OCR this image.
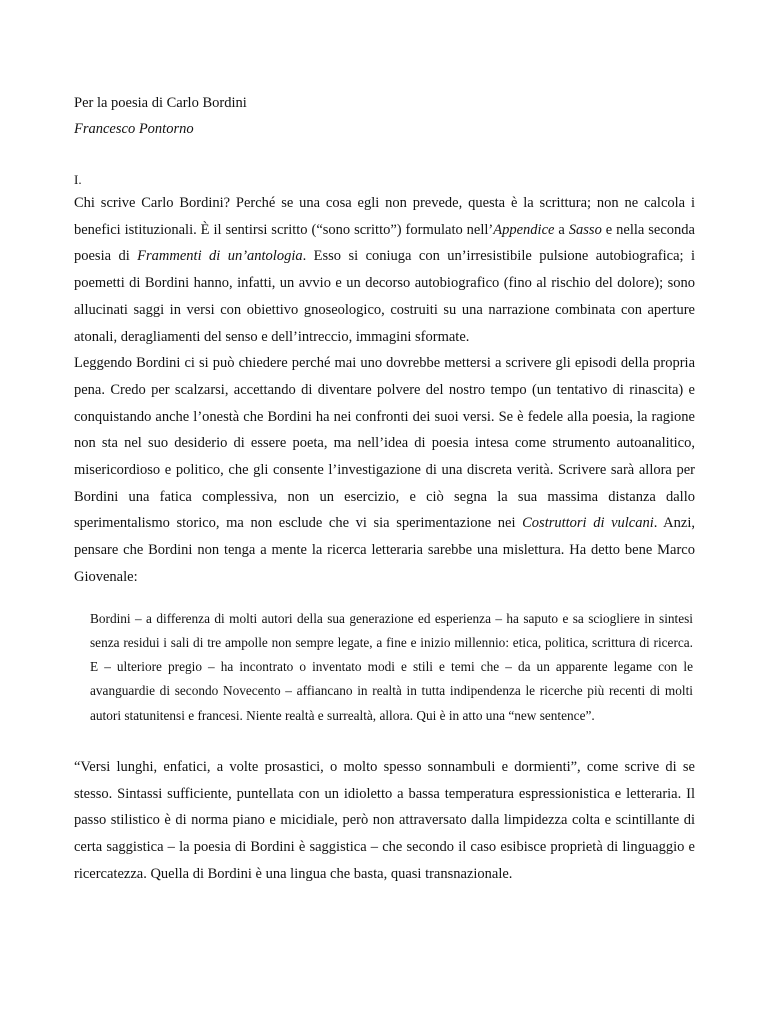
Per la poesia di Carlo Bordini

Francesco Pontorno

I.

Chi scrive Carlo Bordini? Perché se una cosa egli non prevede, questa è la scrittura; non ne calcola i benefici istituzionali. È il sentirsi scritto (“sono scritto”) formulato nell’Appendice a Sasso e nella seconda poesia di Frammenti di un’antologia. Esso si coniuga con un’irresistibile pulsione autobiografica; i poemetti di Bordini hanno, infatti, un avvio e un decorso autobiografico (fino al rischio del dolore); sono allucinati saggi in versi con obiettivo gnoseologico, costruiti su una narrazione combinata con aperture atonali, deragliamenti del senso e dell’intreccio, immagini sformate.

Leggendo Bordini ci si può chiedere perché mai uno dovrebbe mettersi a scrivere gli episodi della propria pena. Credo per scalzarsi, accettando di diventare polvere del nostro tempo (un tentativo di rinascita) e conquistando anche l’onestà che Bordini ha nei confronti dei suoi versi. Se è fedele alla poesia, la ragione non sta nel suo desiderio di essere poeta, ma nell’idea di poesia intesa come strumento autoanalitico, misericordioso e politico, che gli consente l’investigazione di una discreta verità. Scrivere sarà allora per Bordini una fatica complessiva, non un esercizio, e ciò segna la sua massima distanza dallo sperimentalismo storico, ma non esclude che vi sia sperimentazione nei Costruttori di vulcani. Anzi, pensare che Bordini non tenga a mente la ricerca letteraria sarebbe una mislettura. Ha detto bene Marco Giovenale:

Bordini – a differenza di molti autori della sua generazione ed esperienza – ha saputo e sa sciogliere in sintesi senza residui i sali di tre ampolle non sempre legate, a fine e inizio millennio: etica, politica, scrittura di ricerca. E – ulteriore pregio – ha incontrato o inventato modi e stili e temi che – da un apparente legame con le avanguardie di secondo Novecento – affiancano in realtà in tutta indipendenza le ricerche più recenti di molti autori statunitensi e francesi. Niente realtà e surrealtà, allora. Qui è in atto una “new sentence”.

“Versi lunghi, enfatici, a volte prosastici, o molto spesso sonnambuli e dormienti”, come scrive di se stesso. Sintassi sufficiente, puntellata con un idioletto a bassa temperatura espressionistica e letteraria. Il passo stilistico è di norma piano e micidiale, però non attraversato dalla limpidezza colta e scintillante di certa saggistica – la poesia di Bordini è saggistica – che secondo il caso esibisce proprietà di linguaggio e ricercatezza. Quella di Bordini è una lingua che basta, quasi transnazionale.
